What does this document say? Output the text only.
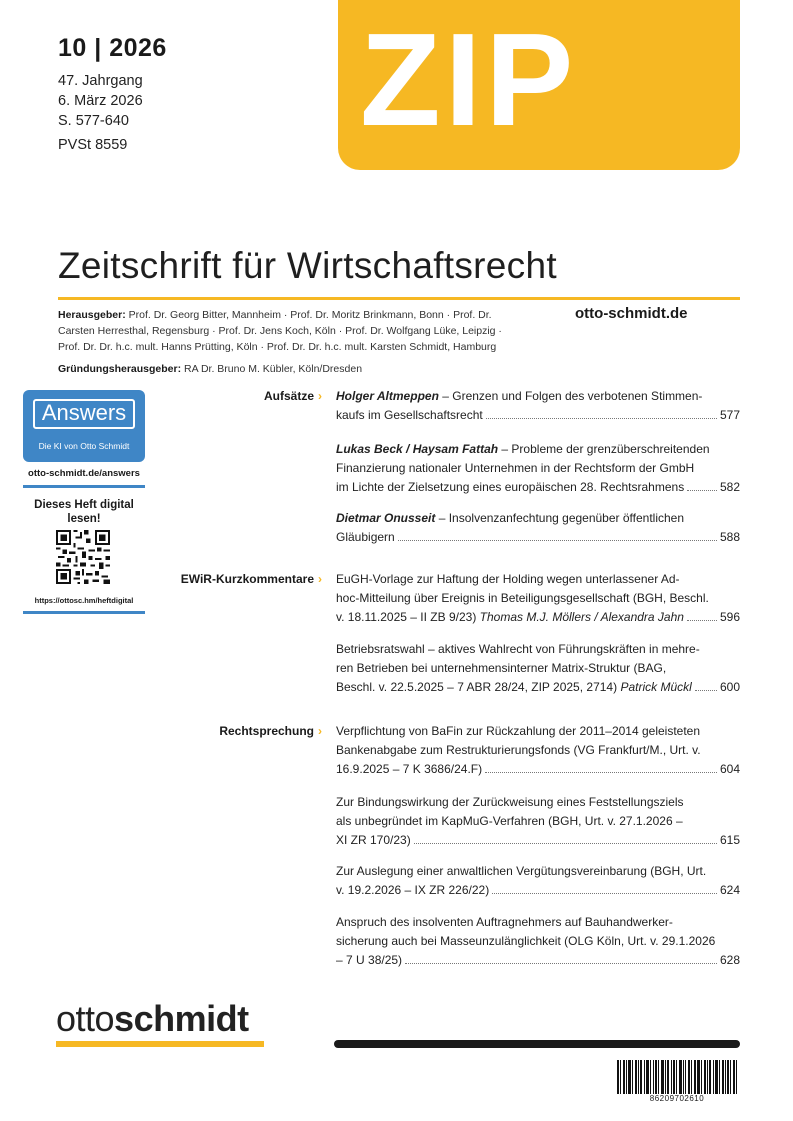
10 | 2026
47. Jahrgang
6. März 2026
S. 577-640
PVSt 8559 ZIP
Zeitschrift für Wirtschaftsrecht
Herausgeber: Prof. Dr. Georg Bitter, Mannheim · Prof. Dr. Moritz Brinkmann, Bonn · Prof. Dr. Carsten Herresthal, Regensburg · Prof. Dr. Jens Koch, Köln · Prof. Dr. Wolfgang Lüke, Leipzig · Prof. Dr. Dr. h.c. mult. Hanns Prütting, Köln · Prof. Dr. Dr. h.c. mult. Karsten Schmidt, Hamburg
otto-schmidt.de
Gründungsherausgeber: RA Dr. Bruno M. Kübler, Köln/Dresden
Answers
Die KI von Otto Schmidt
otto-schmidt.de/answers
Dieses Heft digital lesen!
https://ottosc.hm/heftdigital
Aufsätze ›
EWiR-Kurzkommentare ›
Rechtsprechung ›
Holger Altmeppen – Grenzen und Folgen des verbotenen Stimmen-
kaufs im Gesellschaftsrecht	577
Lukas Beck / Haysam Fattah – Probleme der grenzüberschreitenden
Finanzierung nationaler Unternehmen in der Rechtsform der GmbH
im Lichte der Zielsetzung eines europäischen 28. Rechtsrahmens	582
Dietmar Onusseit – Insolvenzanfechtung gegenüber öffentlichen
Gläubigern	588
EuGH-Vorlage zur Haftung der Holding wegen unterlassener Ad-
hoc-Mitteilung über Ereignis in Beteiligungsgesellschaft (BGH, Beschl.
v. 18.11.2025 – II ZB 9/23)
Thomas M.J. Möllers / Alexandra Jahn	596
Betriebsratswahl – aktives Wahlrecht von Führungskräften in mehre-
ren Betrieben bei unternehmensinterner Matrix-Struktur (BAG,
Beschl. v. 22.5.2025 – 7 ABR 28/24, ZIP 2025, 2714)
Patrick Mückl 600
Verpflichtung von BaFin zur Rückzahlung der 2011–2014 geleisteten
Bankenabgabe zum Restrukturierungsfonds (VG Frankfurt/M., Urt. v.
16.9.2025 – 7 K 3686/24.F)	604
Zur Bindungswirkung der Zurückweisung eines Feststellungsziels
als unbegründet im KapMuG-Verfahren (BGH, Urt. v. 27.1.2026 –
XI ZR 170/23)	615
Zur Auslegung einer anwaltlichen Vergütungsvereinbarung (BGH, Urt.
v. 19.2.2026 – IX ZR 226/22)	624
Anspruch des insolventen Auftragnehmers auf Bauhandwerker-
sicherung auch bei Masseunzulänglichkeit (OLG Köln, Urt. v. 29.1.2026
– 7 U 38/25)	628
ottoschmidt
86209702610
